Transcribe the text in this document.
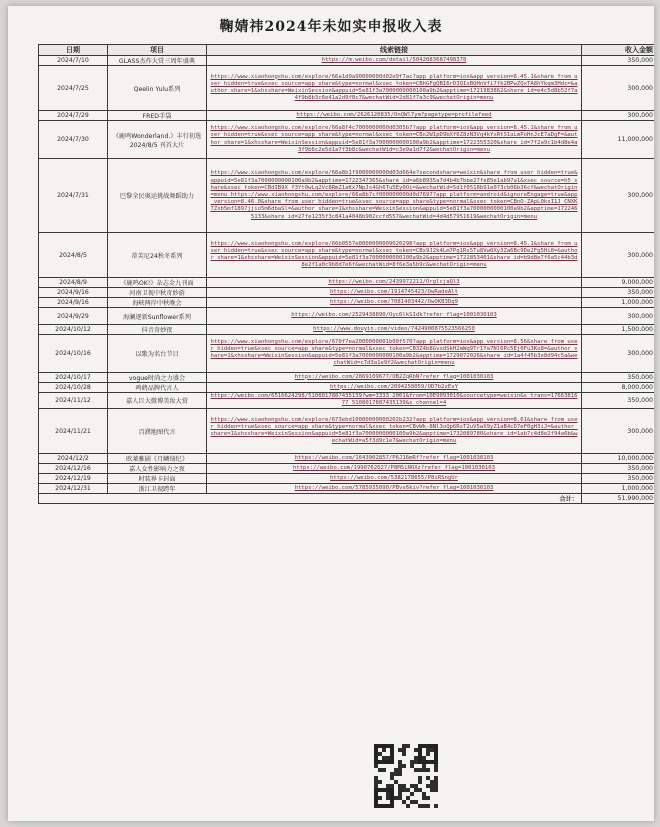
鞠婧祎2024年未如实申报收入表
日期	项目	线索链接	收入金额
2024/7/10	GLASS杰作大赏三周年盛典	https://m.weibo.com/detail/5042083687498378	350,000
2024/7/25	Qeelin Yulu系列	https://www.xiaohongshu.com/explore/66a1d9a90000000d02e9f7ac?app_platform=ios&app_version=8.45.1&share_from_user_hidden=true&xsec_source=app_share&type=normal&xsec_token=CBhGFgQBI6rD3QIxBQHnVfi7fk2BPwZQxTA8hYkqm3Hdc=&author_share=1&xhsshare=WeixinSession&appuid=5e81f3a7000000000100a9b2&apptime=1721983862&share_id=e4c5d8b52f7a4f9b8b3c6e41a2d9f0c7&wechatWid=2d81f7a3c9&wechatOrigin=menu	300,000
2024/7/29	FRED手袋	https://weibo.com/2626120835/OnQWl7ym?pagetype=profilefeed	300,000
2024/7/30	《鹿鸣Wonderland.》丰行初选 2024/8/5 刊首大片	https://www.xiaohongshu.com/explore/66a8f4c7000000000d0305b7?app_platform=ios&app_version=8.45.1&share_from_user_hidden=true&xsec_source=app_share&type=normal&xsec_token=CBo2W1pD9bXf6Z8zN3Vq4kYxRtS1uLmPoHnJcE7aDgF=&author_share=1&xhsshare=WeixinSession&appuid=5e81f3a7000000000100a9b2&apptime=1722355320&share_id=7f2a9c1b4d8e4a3f9b6c2e5d1a7f3b8c&wechatWid=c3e9a1d7f2&wechatOrigin=menu	11,000,000
2024/7/31	巴黎全民奥运挑战舞蹈助力	https://www.xiaohongshu.com/explore/66a8b1f9000000000d03d664e?secondshare=weixin&share_from_user_hidden=true&appuid=5e81f3a7000000000100a9b2&apptime=1722347365&share_id=a6b8935a7d4b4b7bbe27fe85e1ab97a1&xsec_source=h5_share&xsec_token=CBdIB9X_f3Yt0wLq2Vc8RmZ1aKx7NpJs4Gh6Tu5Ey0Oi=&wechatWid=5d1f0518b91e073cb06b36cf&wechatOrigin=menu https://www.xiaohongshu.com/explore/66a8b7cf000000000d0d7697?app_platform=android&ignoreEngage=true&app_version=8.46.0&share_from_user_hidden=true&xsec_source=app_share&type=normal&xsec_token=CBnO-ZApL0ksI1J_CNXK7Zsb5mf1897jjio5m6dbaSl=&author_share=1&xhsshare=WeixinSession&appuid=5e81f3a7000000000100a9b2&apptime=1722465133&share_id=27fe1235f3c841a4048b902ccfd557&wechatWid=4d4d57951619&wechatOrigin=menu	300,000
2024/8/5	蒂芙尼24秋冬系列	https://www.xiaohongshu.com/explore/66b0557e0000000009020298?app_platform=ios&app_version=8.45.1&share_from_user_hidden=true&xsec_source=app_share&type=normal&xsec_token=CBx9J2k4Lm7Pq1Rs5Tu8Vw0Xy3Za6Bc9De2Fg5Hi8=&author_share=1&xhsshare=WeixinSession&appuid=5e81f3a7000000000100a9b2&apptime=1722853401&share_id=b9d8e7f6a5c44b3d8e2f1a0c9b8d7e6f&wechatWid=8f6e3a5b9c&wechatOrigin=menu	300,000
2024/8/9	《鹿鸣OK!》杂志金九刊面	https://weibo.com/2439972211/OrglcjaQl3	9,000,000
2024/9/16	河南卫视中秋奇妙游	https://weibo.com/1914745423/OwRadeAlt	350,000
2024/9/16	海峡两岸中秋晚会	https://weibo.com/7081403442/OwOKB3Dq9	1,000,000
2024/9/29	海澜逐新Sunflower系列	https://weibo.com/2529438890/Oyc6lkSIdk?refer_flag=1001030103	300,000
2024/10/12	抖音奇妙夜	https://www.douyin.com/video/7424900875523566250	1,500,000
2024/10/16	以歌为名台节目	https://www.xiaohongshu.com/explore/670f7ea2000000001b00f570?app_platform=ios&app_version=8.56&share_from_user_hidden=true&xsec_source=app_share&type=normal&xsec_token=CB3Z4b8GvxdSkH2mWq9Tr1Ya7Nl6Pc5Ej0Fu3Ko8=&author_share=1&xhsshare=WeixinSession&appuid=5e81f3a7000000000100a9b2&apptime=1729072026&share_id=1a4f45b3e8d94c5a&wechatWid=c7d3a1e9f2&wechatOrigin=menu	300,000
2024/10/17	vogue时尚之力盛会	https://weibo.com/2869109677/OB2ZqRbN?refer_flag=1001030103	350,000
2024/10/28	鸣鹤品牌代言人	https://weibo.com/2094258059/OD7b2zEvY	8,000,000
2024/11/12	嘉人巨大微博美妆大赏	https://weibo.com/6516624298/5108017887435139?wm=3333_2001&from=10E9093010&sourcetype=weixin&s_trans=1766381677_5108017887435139&s_channel=4	350,000
2024/11/21	百濮地图代言	https://www.xiaohongshu.com/explore/673ebd10000000000202b232?app_platform=ios&app_version=8.61&share_from_user_hidden=true&xsec_source=app_share&type=normal&xsec_token=CBvWk-8Nl3oQp6RsT2uV5wX9yZ1aB4cD7eF0gH3iJ=&author_share=1&xhsshare=WeixinSession&appuid=5e81f3a7000000000100a9b2&apptime=1732089780&share_id=1ab7c4d8e2f94a6b&wechatWid=a5f3d9c1e7&wechatOrigin=menu	300,000
2024/12/2	欧莱雅剧《月鳞绮纪》	https://weibo.com/1643902857/P6J16mRf?refer_flag=1001030103	10,000,000
2024/12/16	嘉人女性影响力之夜	https://weibo.com/1990762027/P8MSiNOXz?refer_flag=1001030103	350,000
2024/12/19	时装界卡封面	https://weibo.com/5382178655/P8iRSngUr	350,000
2024/12/31	浙江卫视跨年	https://weibo.com/5785935090/PBvs6kiv?refer_flag=1001030103	1,000,000
合计：			51,990,000
